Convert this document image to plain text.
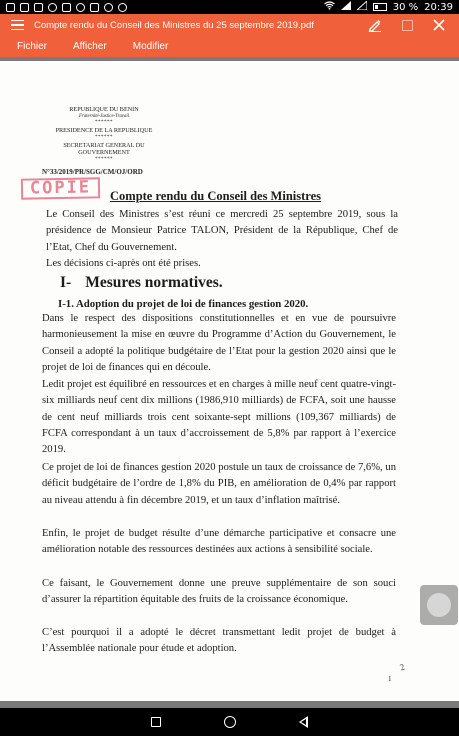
30 % 20:39
Compte rendu du Conseil des Ministres du 25 septembre 2019.pdf
Fichier	Afficher	Modifier
REPUBLIQUE DU BENIN
Fraternité-Justice-Travail
******
PRESIDENCE DE LA REPUBLIQUE
******
SECRETARIAT GENERAL DU
GOUVERNEMENT
******
N°33/2019/PR/SGG/CM/OJ/ORD
COPIE	Compte rendu du Conseil des Ministres
Le Conseil des Ministres s’est réuni ce mercredi 25 septembre 2019, sous la présidence de Monsieur Patrice TALON, Président de la République, Chef de l’Etat, Chef du Gouvernement.
Les décisions ci-après ont été prises.
I- Mesures normatives.
I-1. Adoption du projet de loi de finances gestion 2020.
Dans le respect des dispositions constitutionnelles et en vue de poursuivre harmonieusement la mise en œuvre du Programme d’Action du Gouvernement, le Conseil a adopté la politique budgétaire de l’Etat pour la gestion 2020 ainsi que le projet de loi de finances qui en découle.
Ledit projet est équilibré en ressources et en charges à mille neuf cent quatre-vingt-six milliards neuf cent dix millions (1986,910 milliards) de FCFA, soit une hausse de cent neuf milliards trois cent soixante-sept millions (109,367 milliards) de FCFA correspondant à un taux d’accroissement de 5,8% par rapport à l’exercice 2019.
Ce projet de loi de finances gestion 2020 postule un taux de croissance de 7,6%, un déficit budgétaire de l’ordre de 1,8% du PIB, en amélioration de 0,4% par rapport au niveau attendu à fin décembre 2019, et un taux d’inflation maîtrisé.
Enfin, le projet de budget résulte d’une démarche participative et consacre une amélioration notable des ressources destinées aux actions à sensibilité sociale.
Ce faisant, le Gouvernement donne une preuve supplémentaire de son souci d’assurer la répartition équitable des fruits de la croissance économique.
C’est pourquoi il a adopté le décret transmettant ledit projet de budget à l’Assemblée nationale pour étude et adoption.
2
1
